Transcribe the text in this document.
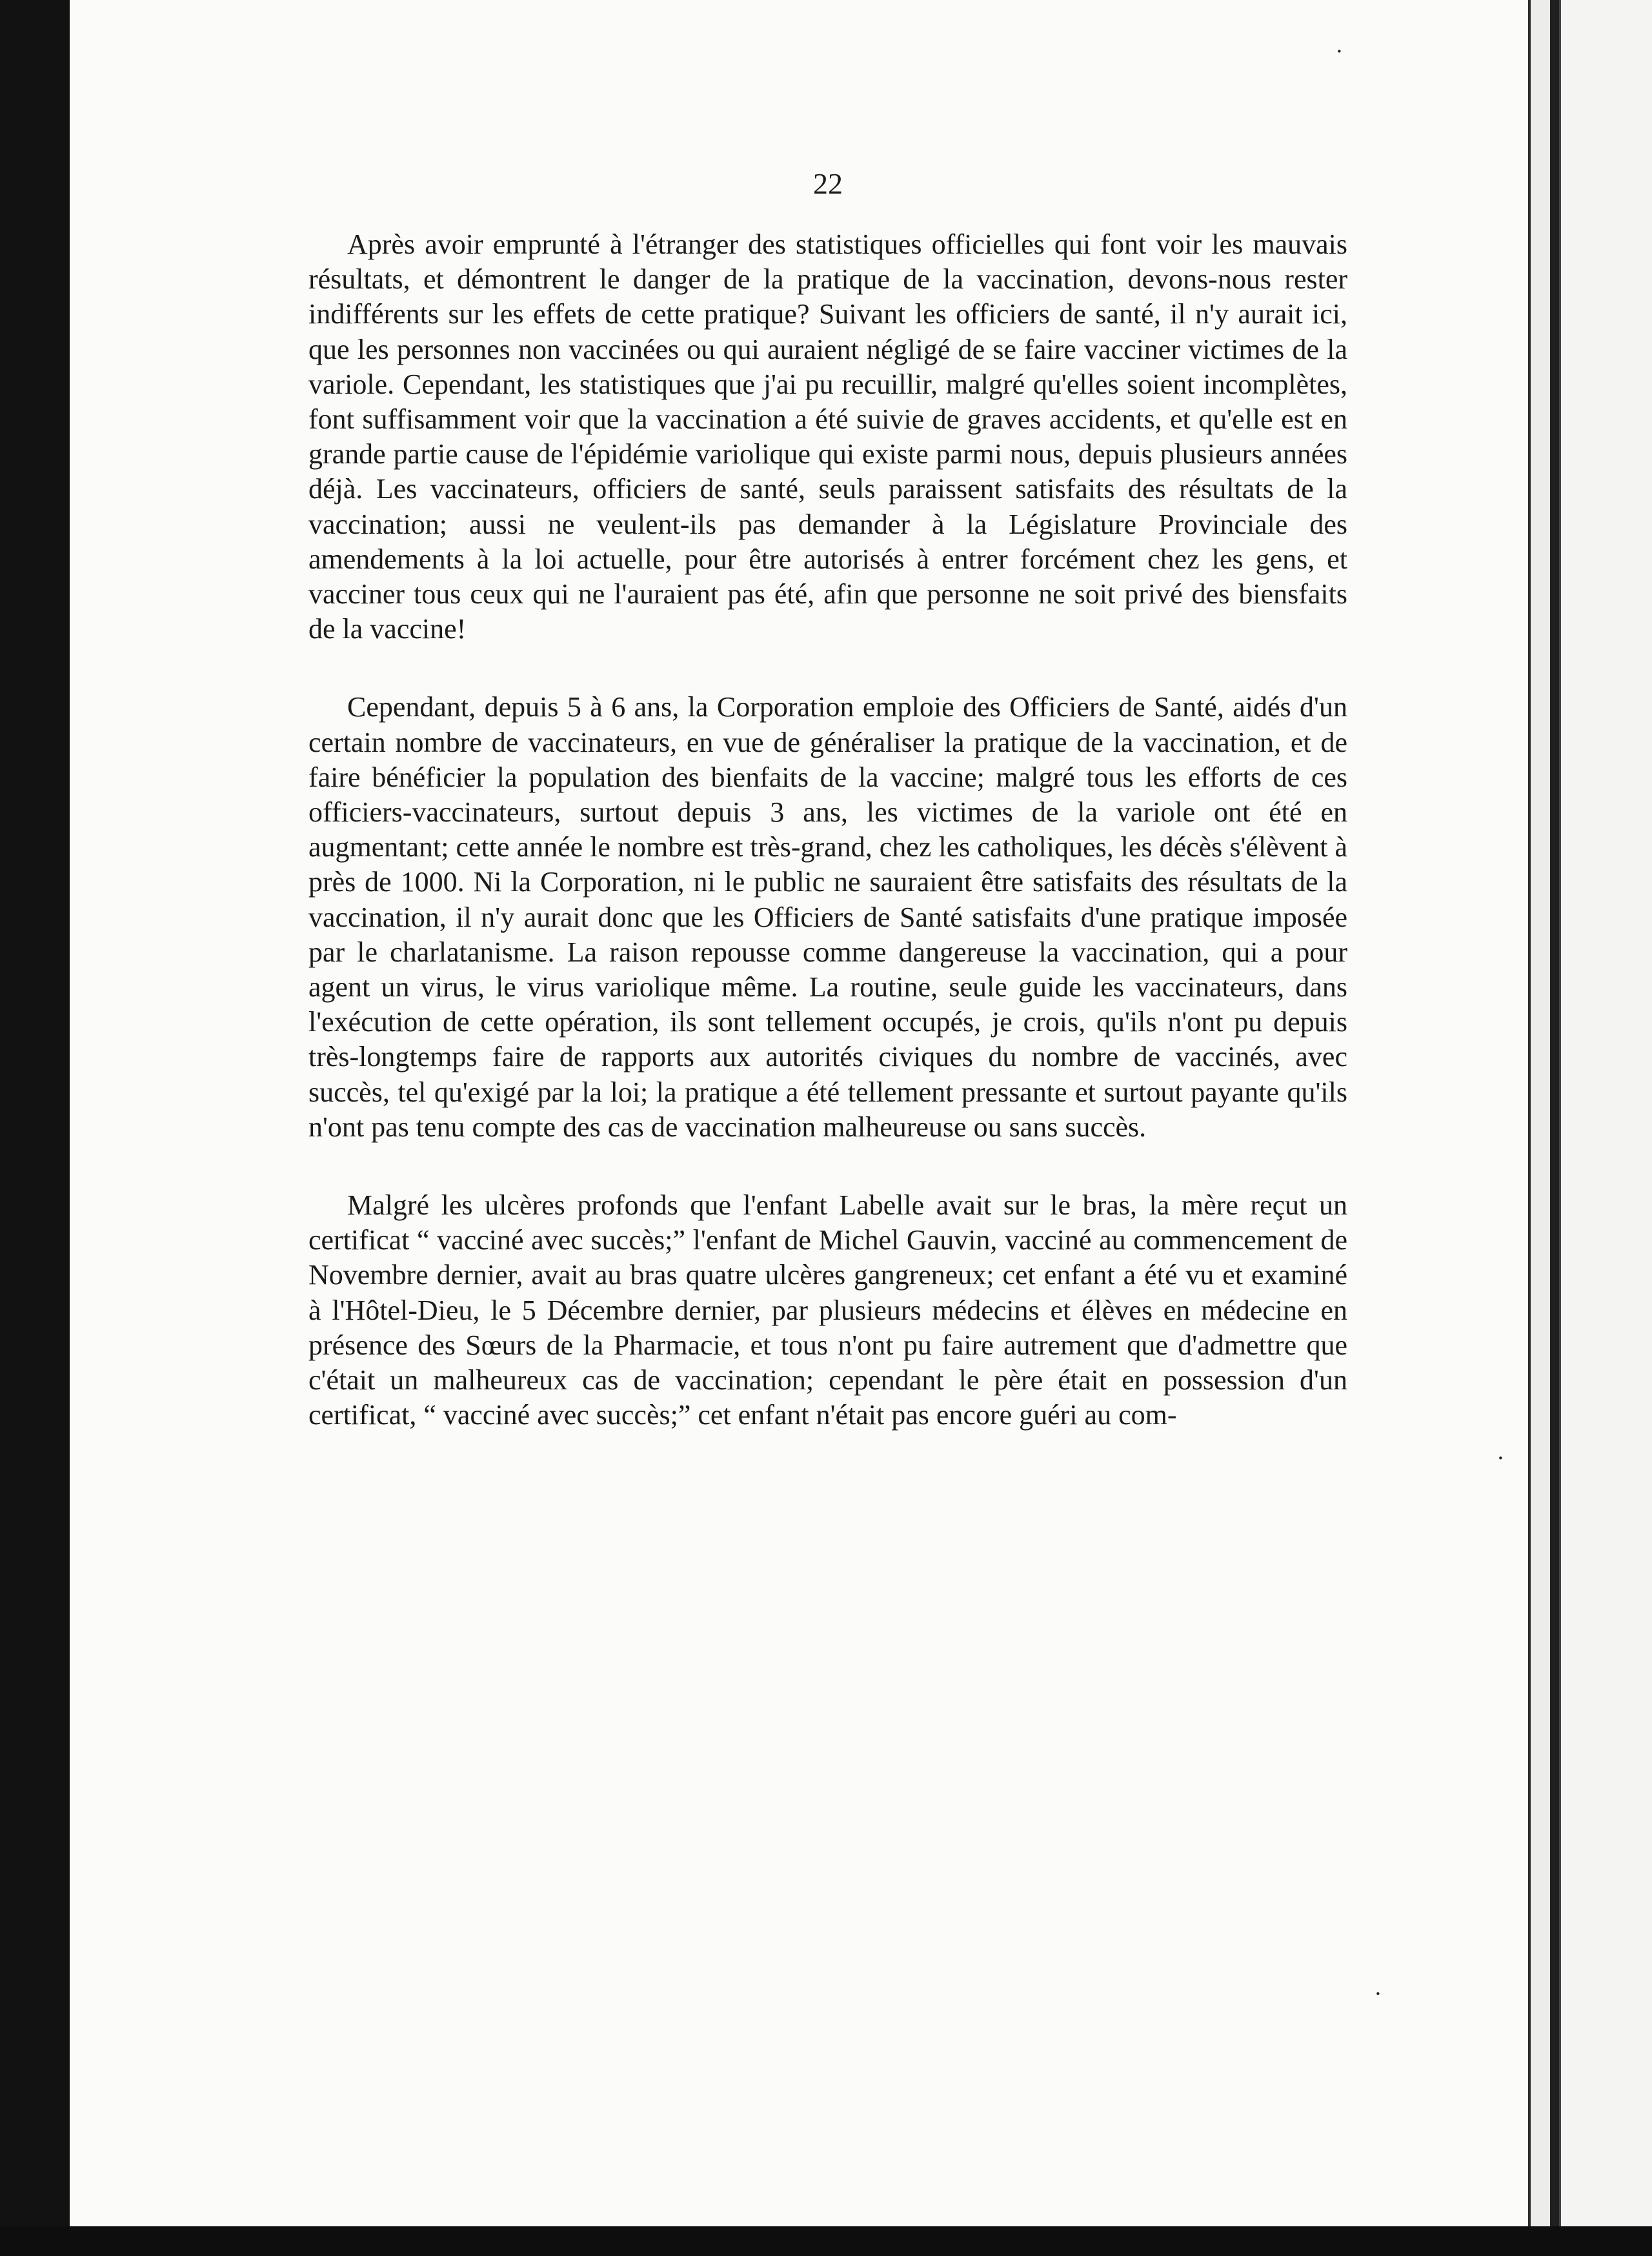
·
·
·
22

Après avoir emprunté à l'étranger des statistiques officielles qui font voir les mauvais résultats, et démontrent le danger de la pratique de la vaccination, devons-nous rester indifférents sur les effets de cette pratique? Suivant les officiers de santé, il n'y aurait ici, que les personnes non vaccinées ou qui auraient négligé de se faire vacciner victimes de la variole. Cependant, les statistiques que j'ai pu recuillir, malgré qu'elles soient incomplètes, font suffisamment voir que la vaccination a été suivie de graves accidents, et qu'elle est en grande partie cause de l'épidémie variolique qui existe parmi nous, depuis plusieurs années déjà. Les vaccinateurs, officiers de santé, seuls paraissent satisfaits des résultats de la vaccination; aussi ne veulent-ils pas demander à la Législature Provinciale des amendements à la loi actuelle, pour être autorisés à entrer forcément chez les gens, et vacciner tous ceux qui ne l'auraient pas été, afin que personne ne soit privé des biensfaits de la vaccine!

Cependant, depuis 5 à 6 ans, la Corporation emploie des Officiers de Santé, aidés d'un certain nombre de vaccinateurs, en vue de généraliser la pratique de la vaccination, et de faire bénéficier la population des bienfaits de la vaccine; malgré tous les efforts de ces officiers-vaccinateurs, surtout depuis 3 ans, les victimes de la variole ont été en augmentant; cette année le nombre est très-grand, chez les catholiques, les décès s'élèvent à près de 1000. Ni la Corporation, ni le public ne sauraient être satisfaits des résultats de la vaccination, il n'y aurait donc que les Officiers de Santé satisfaits d'une pratique imposée par le charlatanisme. La raison repousse comme dangereuse la vaccination, qui a pour agent un virus, le virus variolique même. La routine, seule guide les vaccinateurs, dans l'exécution de cette opération, ils sont tellement occupés, je crois, qu'ils n'ont pu depuis très-longtemps faire de rapports aux autorités civiques du nombre de vaccinés, avec succès, tel qu'exigé par la loi; la pratique a été tellement pressante et surtout payante qu'ils n'ont pas tenu compte des cas de vaccination malheureuse ou sans succès.

Malgré les ulcères profonds que l'enfant Labelle avait sur le bras, la mère reçut un certificat “ vacciné avec succès;” l'enfant de Michel Gauvin, vacciné au commencement de Novembre dernier, avait au bras quatre ulcères gangreneux; cet enfant a été vu et examiné à l'Hôtel-Dieu, le 5 Décembre dernier, par plusieurs médecins et élèves en médecine en présence des Sœurs de la Pharmacie, et tous n'ont pu faire autrement que d'admettre que c'était un malheureux cas de vaccination; cependant le père était en possession d'un certificat, “ vacciné avec succès;” cet enfant n'était pas encore guéri au com-
